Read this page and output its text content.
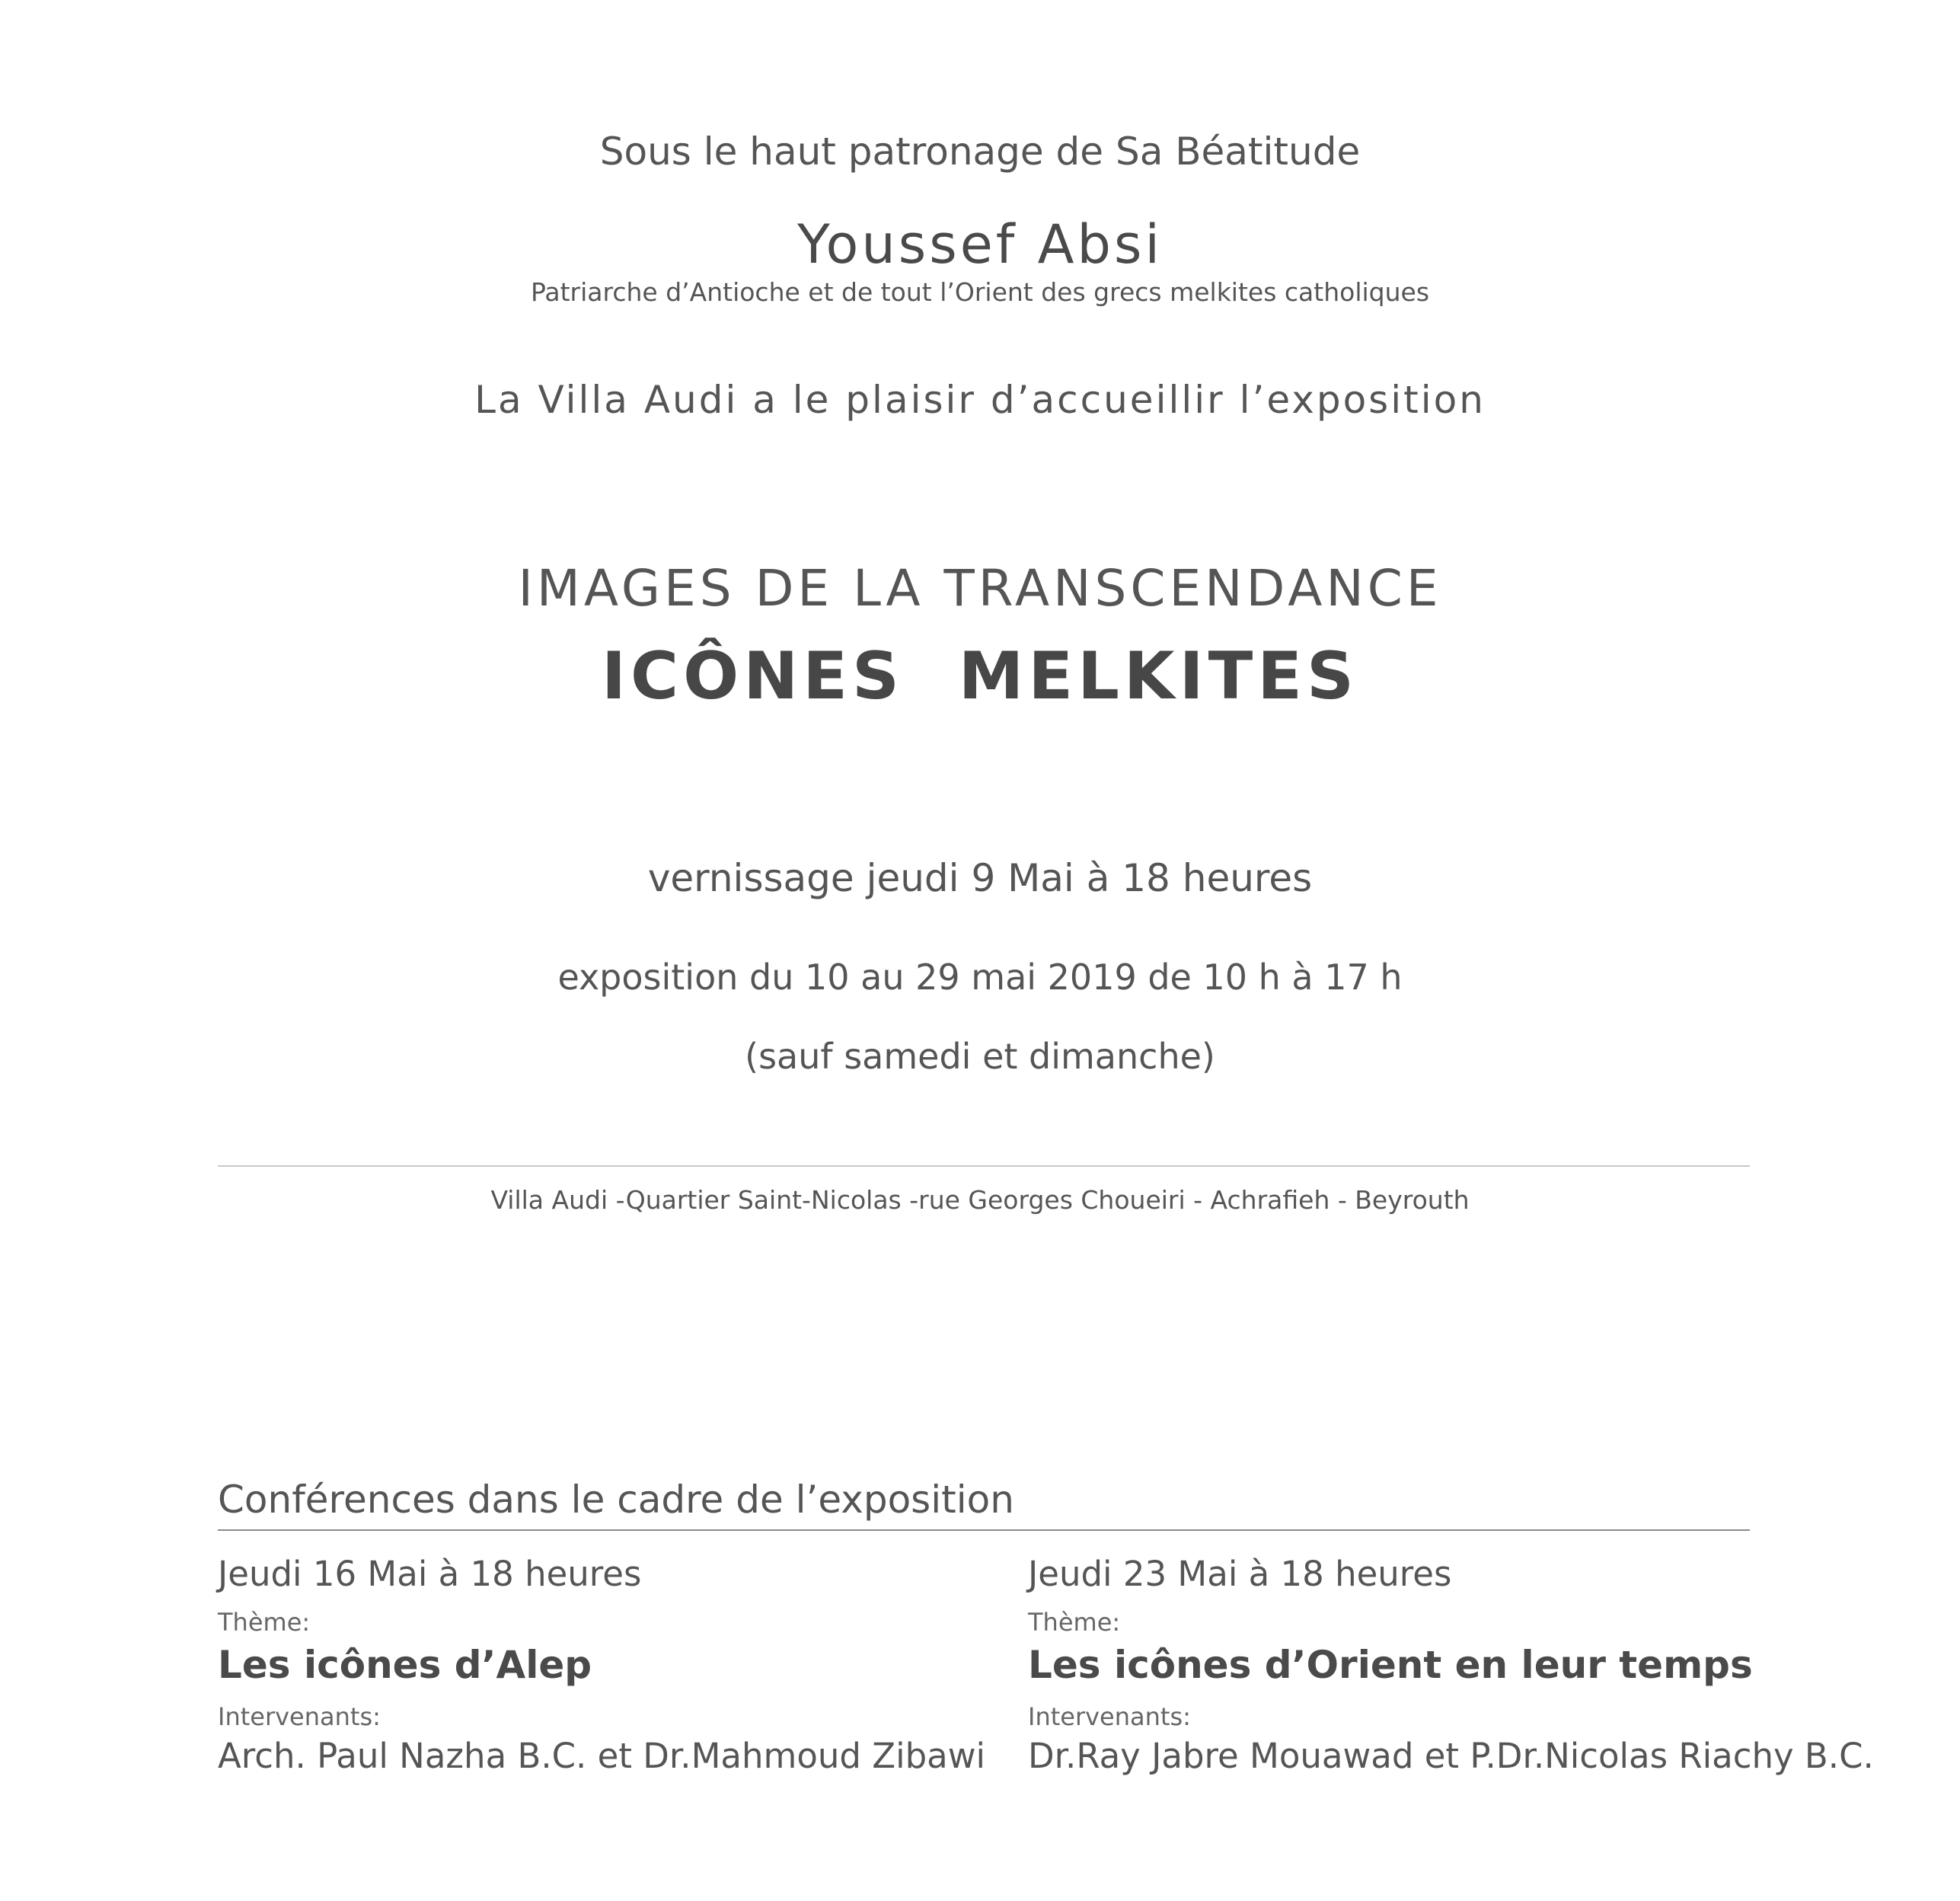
Sous le haut patronage de Sa Béatitude
Youssef Absi
Patriarche d’Antioche et de tout l’Orient des grecs melkites catholiques
La Villa Audi a le plaisir d’accueillir l’exposition
IMAGES DE LA TRANSCENDANCE
ICÔNES  MELKITES
vernissage jeudi 9 Mai à 18 heures
exposition du 10 au 29 mai 2019 de 10 h à 17 h
(sauf samedi et dimanche)
Villa Audi -Quartier Saint-Nicolas -rue Georges Choueiri - Achrafieh - Beyrouth
Conférences dans le cadre de l’exposition
Jeudi 16 Mai à 18 heures
Thème:
Les icônes d’Alep
Intervenants:
Arch. Paul Nazha B.C. et Dr.Mahmoud Zibawi
Jeudi 23 Mai à 18 heures
Thème:
Les icônes d’Orient en leur temps
Intervenants:
Dr.Ray Jabre Mouawad et P.Dr.Nicolas Riachy B.C.
